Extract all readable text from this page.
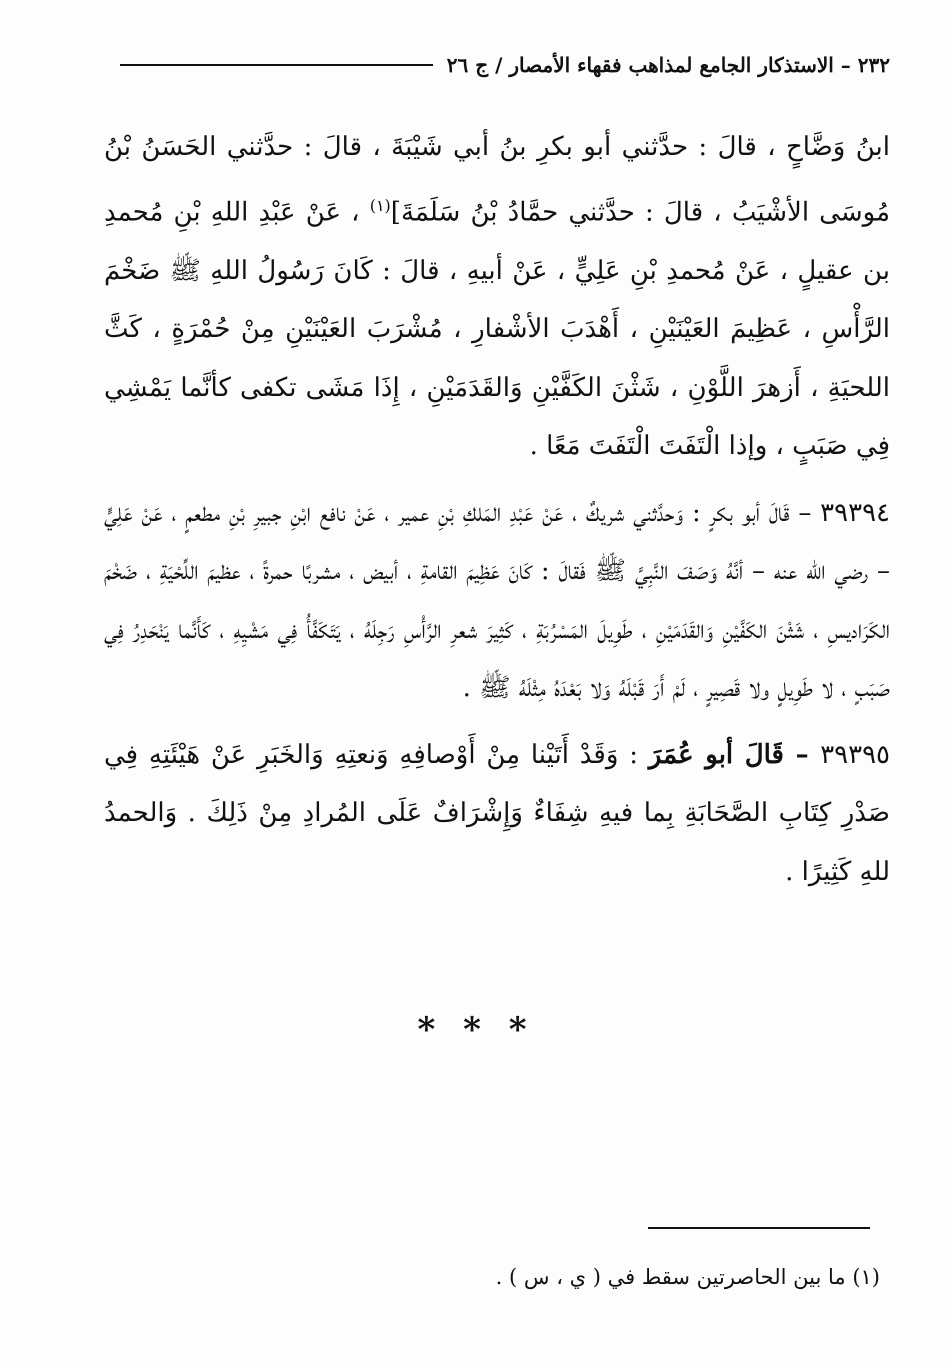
٢٣٢ – الاستذكار الجامع لمذاهب فقهاء الأمصار / ج ٢٦

ابنُ وَضَّاحٍ ، قالَ : حدَّثني أبو بكرِ بنُ أبي شَيْبَةَ ، قالَ : حدَّثني الحَسَنُ بْنُ مُوسَى الأشْيَبُ ، قالَ : حدَّثني حمَّادُ بْنُ سَلَمَةَ]$^{(١)}$ ، عَنْ عَبْدِ اللهِ بْنِ مُحمدِ بن عقيلٍ ، عَنْ مُحمدِ بْنِ عَلِيٍّ ، عَنْ أبيهِ ، قالَ : كَانَ رَسُولُ اللهِ ﷺ ضَخْمَ الرَّأْسِ ، عَظِيمَ العَيْنَيْنِ ، أَهْدَبَ الأشْفارِ ، مُشْرَبَ العَيْنَيْنِ مِنْ حُمْرَةٍ ، كَثَّ اللحيَةِ ، أَزهرَ اللَّوْنِ ، شَثْنَ الكَفَّيْنِ وَالقَدَمَيْنِ ، إِذَا مَشَى تكفى كأنَّما يَمْشِي فِي صَبَبٍ ، وإذا الْتَفَتَ الْتَفَتَ مَعًا .

٣٩٣٩٤ – قَالَ أبو بكرٍ : وَحدَّثني شريكٌ ، عَنْ عَبْدِ المَلكِ بْنِ عمير ، عَنْ نافع ابْنِ جبيرِ بْنِ مطعمٍ ، عَنْ عَلِيٍّ – رضي الله عنه – أنَّهُ وَصَفَ النَّبِيَّ ﷺ فَقالَ : كَانَ عَظِيمَ القامةِ ، أبيض ، مشربًا حمرةً ، عظيمَ اللِّحْيَةِ ، ضَخْمَ الكَرَاديسِ ، شَثْنَ الكَفَّيْنِ وَالقَدَمَيْنِ ، طَوِيلَ المَسْرُبَةِ ، كَثِيرَ شعرِ الرَّأْسِ رَجِلَهُ ، يَتَكَفَّأُ فِي مَشْيِهِ ، كَأَنَّما يَنْحَدِرُ فِي صَبَبٍ ، لا طَوِيلٍ ولا قَصِيرٍ ، لَمْ أَرَ قَبْلَهُ وَلا بَعْدَهُ مِثْلَهُ ﷺ .

٣٩٣٩٥ – قَالَ أبو عُمَرَ : وَقَدْ أَتَيْنا مِنْ أَوْصافِهِ وَنعتِهِ وَالخَبَرِ عَنْ هَيْئَتِهِ فِي صَدْرِ كِتَابِ الصَّحَابَةِ بِما فيهِ شِفَاءٌ وَإِشْرَافٌ عَلَى المُرادِ مِنْ ذَلِكَ . وَالحمدُ للهِ كَثِيرًا .

* * *
(١) ما بين الحاصرتين سقط في ( ي ، س ) .
